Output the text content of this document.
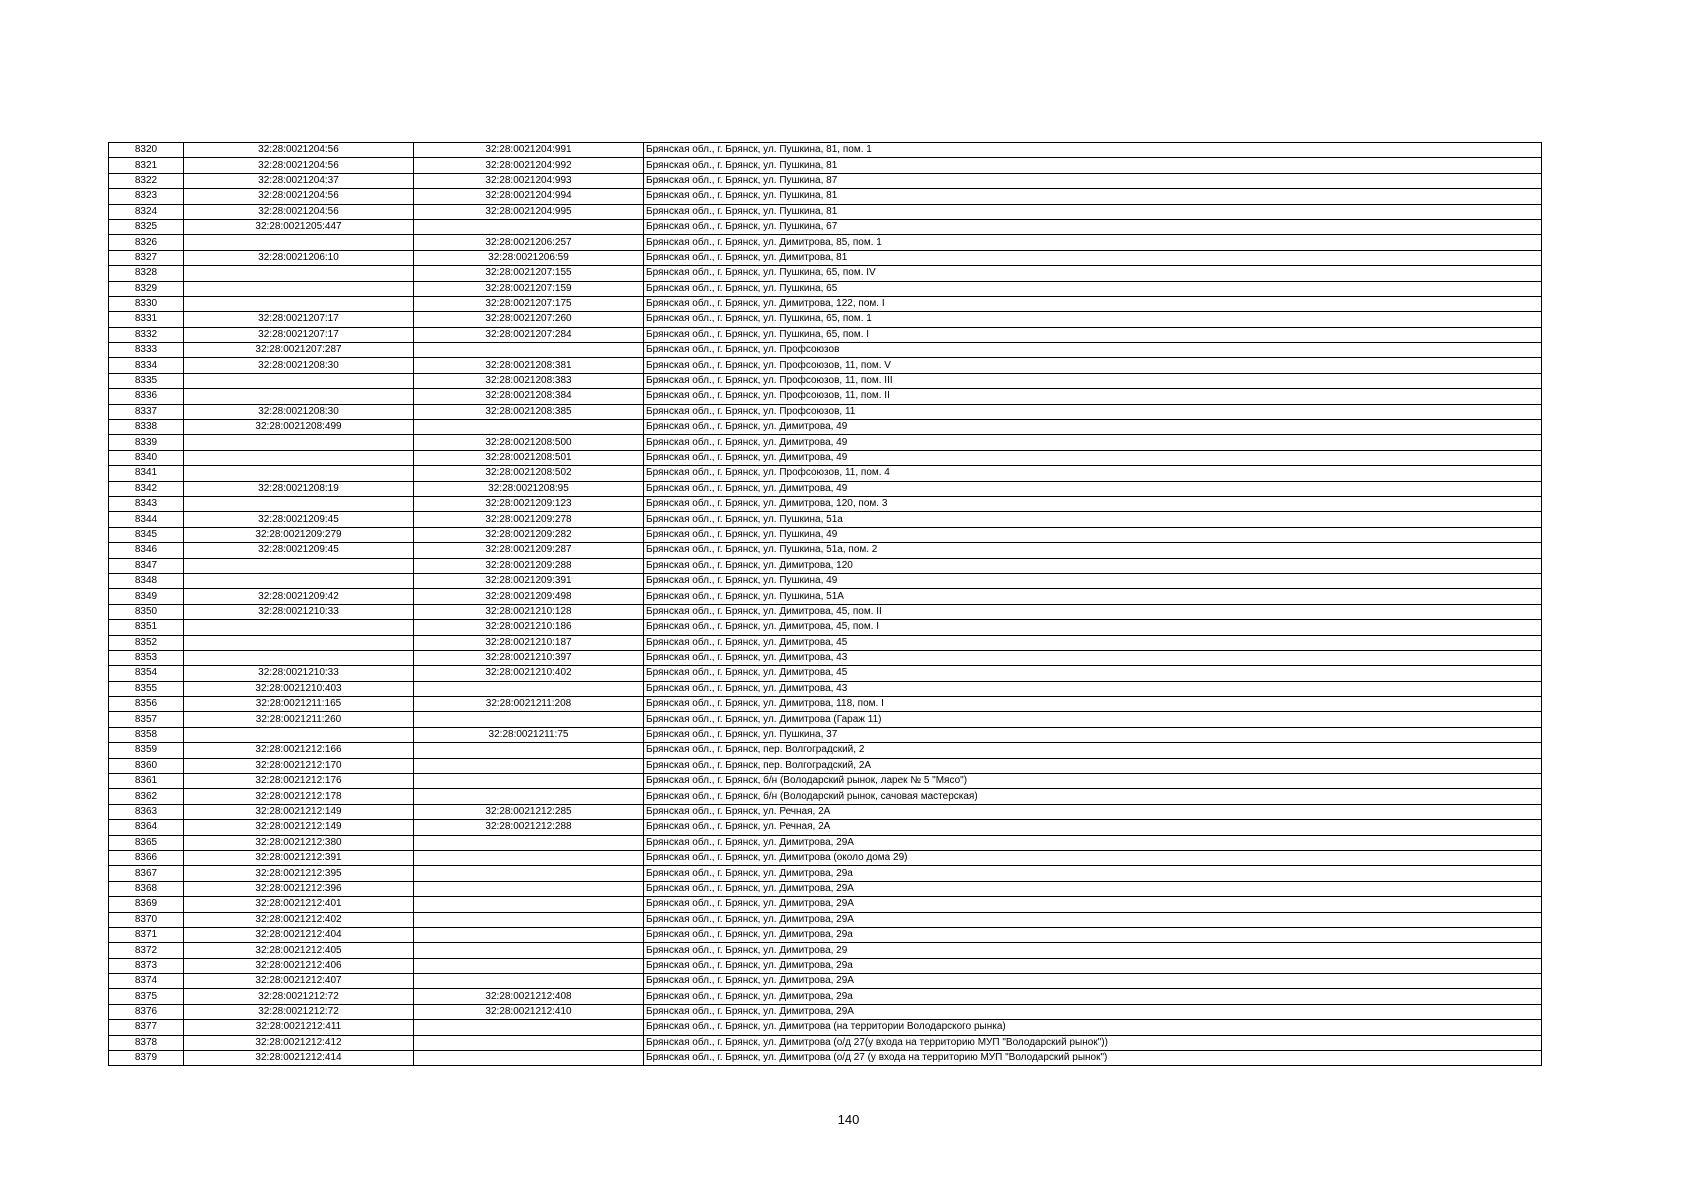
8320	32:28:0021204:56	32:28:0021204:991	Брянская обл., г. Брянск, ул. Пушкина, 81, пом. 1
8321	32:28:0021204:56	32:28:0021204:992	Брянская обл., г. Брянск, ул. Пушкина, 81
8322	32:28:0021204:37	32:28:0021204:993	Брянская обл., г. Брянск, ул. Пушкина, 87
8323	32:28:0021204:56	32:28:0021204:994	Брянская обл., г. Брянск, ул. Пушкина, 81
8324	32:28:0021204:56	32:28:0021204:995	Брянская обл., г. Брянск, ул. Пушкина, 81
8325	32:28:0021205:447		Брянская обл., г. Брянск, ул. Пушкина, 67
8326		32:28:0021206:257	Брянская обл., г. Брянск, ул. Димитрова, 85, пом. 1
8327	32:28:0021206:10	32:28:0021206:59	Брянская обл., г. Брянск, ул. Димитрова, 81
8328		32:28:0021207:155	Брянская обл., г. Брянск, ул. Пушкина, 65, пом. IV
8329		32:28:0021207:159	Брянская обл., г. Брянск, ул. Пушкина, 65
8330		32:28:0021207:175	Брянская обл., г. Брянск, ул. Димитрова, 122, пом. I
8331	32:28:0021207:17	32:28:0021207:260	Брянская обл., г. Брянск, ул. Пушкина, 65, пом. 1
8332	32:28:0021207:17	32:28:0021207:284	Брянская обл., г. Брянск, ул. Пушкина, 65, пом. I
8333	32:28:0021207:287		Брянская обл., г. Брянск, ул. Профсоюзов
8334	32:28:0021208:30	32:28:0021208:381	Брянская обл., г. Брянск, ул. Профсоюзов, 11, пом. V
8335		32:28:0021208:383	Брянская обл., г. Брянск, ул. Профсоюзов, 11, пом. III
8336		32:28:0021208:384	Брянская обл., г. Брянск, ул. Профсоюзов, 11, пом. II
8337	32:28:0021208:30	32:28:0021208:385	Брянская обл., г. Брянск, ул. Профсоюзов, 11
8338	32:28:0021208:499		Брянская обл., г. Брянск, ул. Димитрова, 49
8339		32:28:0021208:500	Брянская обл., г. Брянск, ул. Димитрова, 49
8340		32:28:0021208:501	Брянская обл., г. Брянск, ул. Димитрова, 49
8341		32:28:0021208:502	Брянская обл., г. Брянск, ул. Профсоюзов, 11, пом. 4
8342	32:28:0021208:19	32:28:0021208:95	Брянская обл., г. Брянск, ул. Димитрова, 49
8343		32:28:0021209:123	Брянская обл., г. Брянск, ул. Димитрова, 120, пом. 3
8344	32:28:0021209:45	32:28:0021209:278	Брянская обл., г. Брянск, ул. Пушкина, 51а
8345	32:28:0021209:279	32:28:0021209:282	Брянская обл., г. Брянск, ул. Пушкина, 49
8346	32:28:0021209:45	32:28:0021209:287	Брянская обл., г. Брянск, ул. Пушкина, 51а, пом. 2
8347		32:28:0021209:288	Брянская обл., г. Брянск, ул. Димитрова, 120
8348		32:28:0021209:391	Брянская обл., г. Брянск, ул. Пушкина, 49
8349	32:28:0021209:42	32:28:0021209:498	Брянская обл., г. Брянск, ул. Пушкина, 51А
8350	32:28:0021210:33	32:28:0021210:128	Брянская обл., г. Брянск, ул. Димитрова, 45, пом. II
8351		32:28:0021210:186	Брянская обл., г. Брянск, ул. Димитрова, 45, пом. I
8352		32:28:0021210:187	Брянская обл., г. Брянск, ул. Димитрова, 45
8353		32:28:0021210:397	Брянская обл., г. Брянск, ул. Димитрова, 43
8354	32:28:0021210:33	32:28:0021210:402	Брянская обл., г. Брянск, ул. Димитрова, 45
8355	32:28:0021210:403		Брянская обл., г. Брянск, ул. Димитрова, 43
8356	32:28:0021211:165	32:28:0021211:208	Брянская обл., г. Брянск, ул. Димитрова, 118, пом. I
8357	32:28:0021211:260		Брянская обл., г. Брянск, ул. Димитрова (Гараж 11)
8358		32:28:0021211:75	Брянская обл., г. Брянск, ул. Пушкина, 37
8359	32:28:0021212:166		Брянская обл., г. Брянск, пер. Волгоградский, 2
8360	32:28:0021212:170		Брянская обл., г. Брянск, пер. Волгоградский, 2А
8361	32:28:0021212:176		Брянская обл., г. Брянск, б/н (Володарский рынок, ларек № 5 "Мясо")
8362	32:28:0021212:178		Брянская обл., г. Брянск, б/н (Володарский рынок, сачовая мастерская)
8363	32:28:0021212:149	32:28:0021212:285	Брянская обл., г. Брянск, ул. Речная, 2А
8364	32:28:0021212:149	32:28:0021212:288	Брянская обл., г. Брянск, ул. Речная, 2А
8365	32:28:0021212:380		Брянская обл., г. Брянск, ул. Димитрова, 29А
8366	32:28:0021212:391		Брянская обл., г. Брянск, ул. Димитрова (около дома 29)
8367	32:28:0021212:395		Брянская обл., г. Брянск, ул. Димитрова, 29а
8368	32:28:0021212:396		Брянская обл., г. Брянск, ул. Димитрова, 29А
8369	32:28:0021212:401		Брянская обл., г. Брянск, ул. Димитрова, 29А
8370	32:28:0021212:402		Брянская обл., г. Брянск, ул. Димитрова, 29А
8371	32:28:0021212:404		Брянская обл., г. Брянск, ул. Димитрова, 29а
8372	32:28:0021212:405		Брянская обл., г. Брянск, ул. Димитрова, 29
8373	32:28:0021212:406		Брянская обл., г. Брянск, ул. Димитрова, 29а
8374	32:28:0021212:407		Брянская обл., г. Брянск, ул. Димитрова, 29А
8375	32:28:0021212:72	32:28:0021212:408	Брянская обл., г. Брянск, ул. Димитрова, 29а
8376	32:28:0021212:72	32:28:0021212:410	Брянская обл., г. Брянск, ул. Димитрова, 29А
8377	32:28:0021212:411		Брянская обл., г. Брянск, ул. Димитрова (на территории Володарского рынка)
8378	32:28:0021212:412		Брянская обл., г. Брянск, ул. Димитрова (о/д 27(у входа на территорию МУП "Володарский рынок"))
8379	32:28:0021212:414		Брянская обл., г. Брянск, ул. Димитрова (о/д 27 (у входа на территорию МУП "Володарский рынок")
140
